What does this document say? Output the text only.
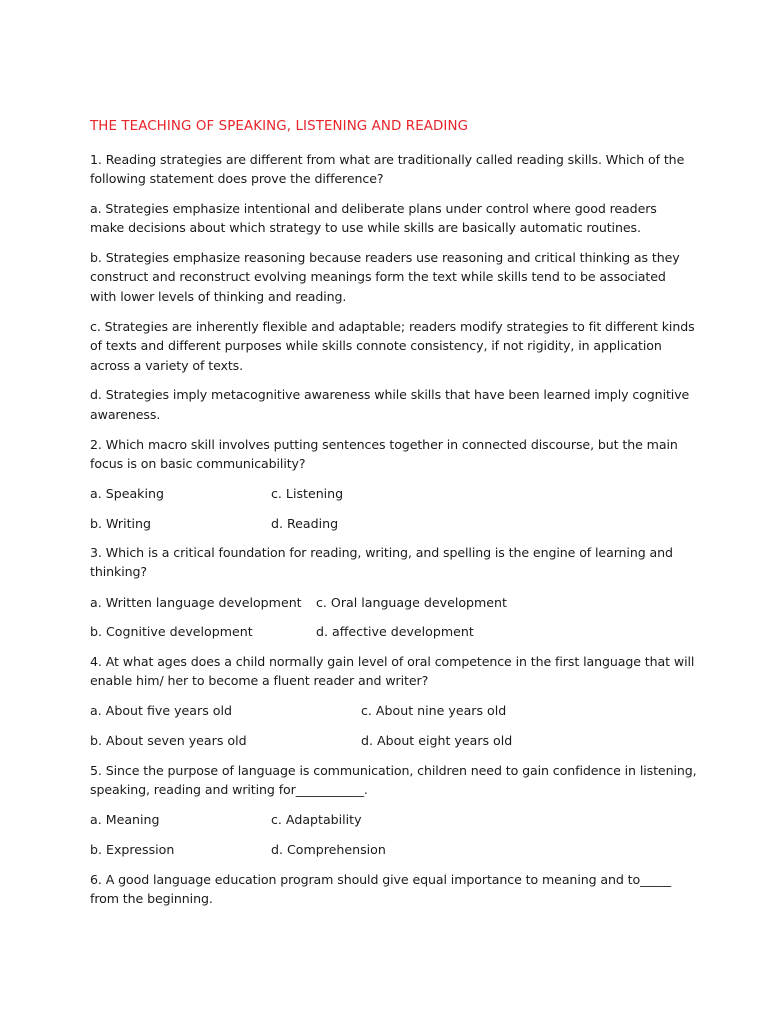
THE TEACHING OF SPEAKING, LISTENING AND READING

1. Reading strategies are different from what are traditionally called reading skills. Which of the

following statement does prove the difference?

a. Strategies emphasize intentional and deliberate plans under control where good readers

make decisions about which strategy to use while skills are basically automatic routines.

b. Strategies emphasize reasoning because readers use reasoning and critical thinking as they

construct and reconstruct evolving meanings form the text while skills tend to be associated

with lower levels of thinking and reading.

c. Strategies are inherently flexible and adaptable; readers modify strategies to fit different kinds

of texts and different purposes while skills connote consistency, if not rigidity, in application

across a variety of texts.

d. Strategies imply metacognitive awareness while skills that have been learned imply cognitive

awareness.

2. Which macro skill involves putting sentences together in connected discourse, but the main

focus is on basic communicability?

a. Speaking	c. Listening

b. Writing	d. Reading

3. Which is a critical foundation for reading, writing, and spelling is the engine of learning and

thinking?

a. Written language development c. Oral language development

b. Cognitive development	d. affective development

4. At what ages does a child normally gain level of oral competence in the first language that will

enable him/ her to become a fluent reader and writer?

a. About five years old	c. About nine years old

b. About seven years old	d. About eight years old

5. Since the purpose of language is communication, children need to gain confidence in listening,

speaking, reading and writing for___________.

a. Meaning	c. Adaptability

b. Expression	d. Comprehension

6. A good language education program should give equal importance to meaning and to_____

from the beginning.
